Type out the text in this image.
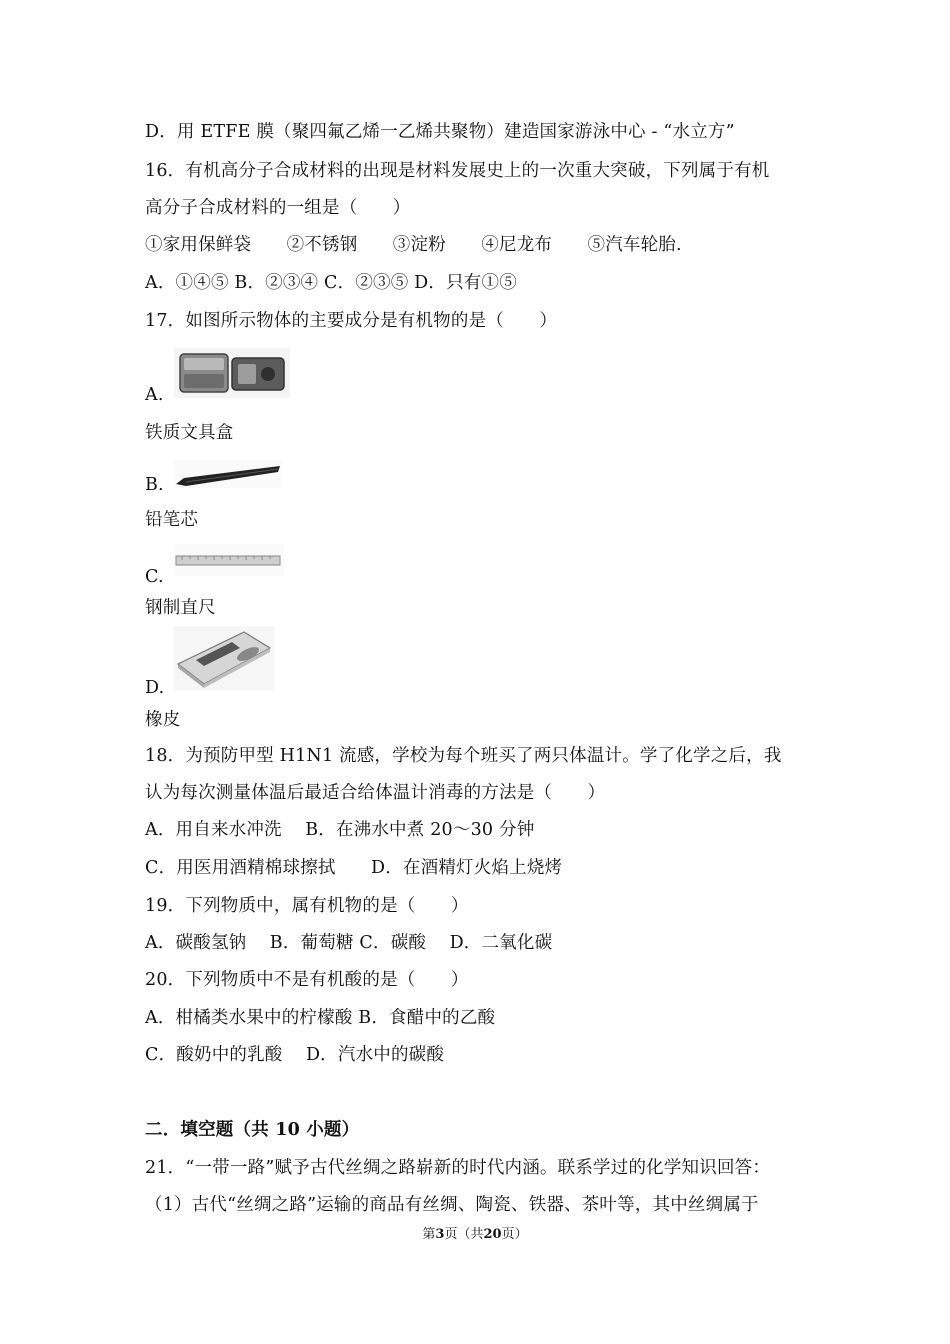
D．用 ETFE 膜（聚四氟乙烯一乙烯共聚物）建造国家游泳中心 - “水立方”
16．有机高分子合成材料的出现是材料发展史上的一次重大突破，下列属于有机
高分子合成材料的一组是（　　）
①家用保鲜袋　　②不锈钢　　③淀粉　　④尼龙布　　⑤汽车轮胎.
A．①④⑤ B．②③④ C．②③⑤ D．只有①⑤
17．如图所示物体的主要成分是有机物的是（　　）
A.
铁质文具盒
B.
铅笔芯
C.
钢制直尺
D.
橡皮
18．为预防甲型 H1N1 流感，学校为每个班买了两只体温计。学了化学之后，我
认为每次测量体温后最适合给体温计消毒的方法是（　　）
A．用自来水冲洗　 B．在沸水中煮 20～30 分钟
C．用医用酒精棉球擦拭　　D．在酒精灯火焰上烧烤
19．下列物质中，属有机物的是（　　）
A．碳酸氢钠　 B．葡萄糖 C．碳酸　 D．二氧化碳
20．下列物质中不是有机酸的是（　　）
A．柑橘类水果中的柠檬酸 B．食醋中的乙酸
C．酸奶中的乳酸　 D．汽水中的碳酸
二．填空题（共 10 小题）
21．“一带一路”赋予古代丝绸之路崭新的时代内涵。联系学过的化学知识回答：
（1）古代“丝绸之路”运输的商品有丝绸、陶瓷、铁器、茶叶等，其中丝绸属于
第3页（共20页）
